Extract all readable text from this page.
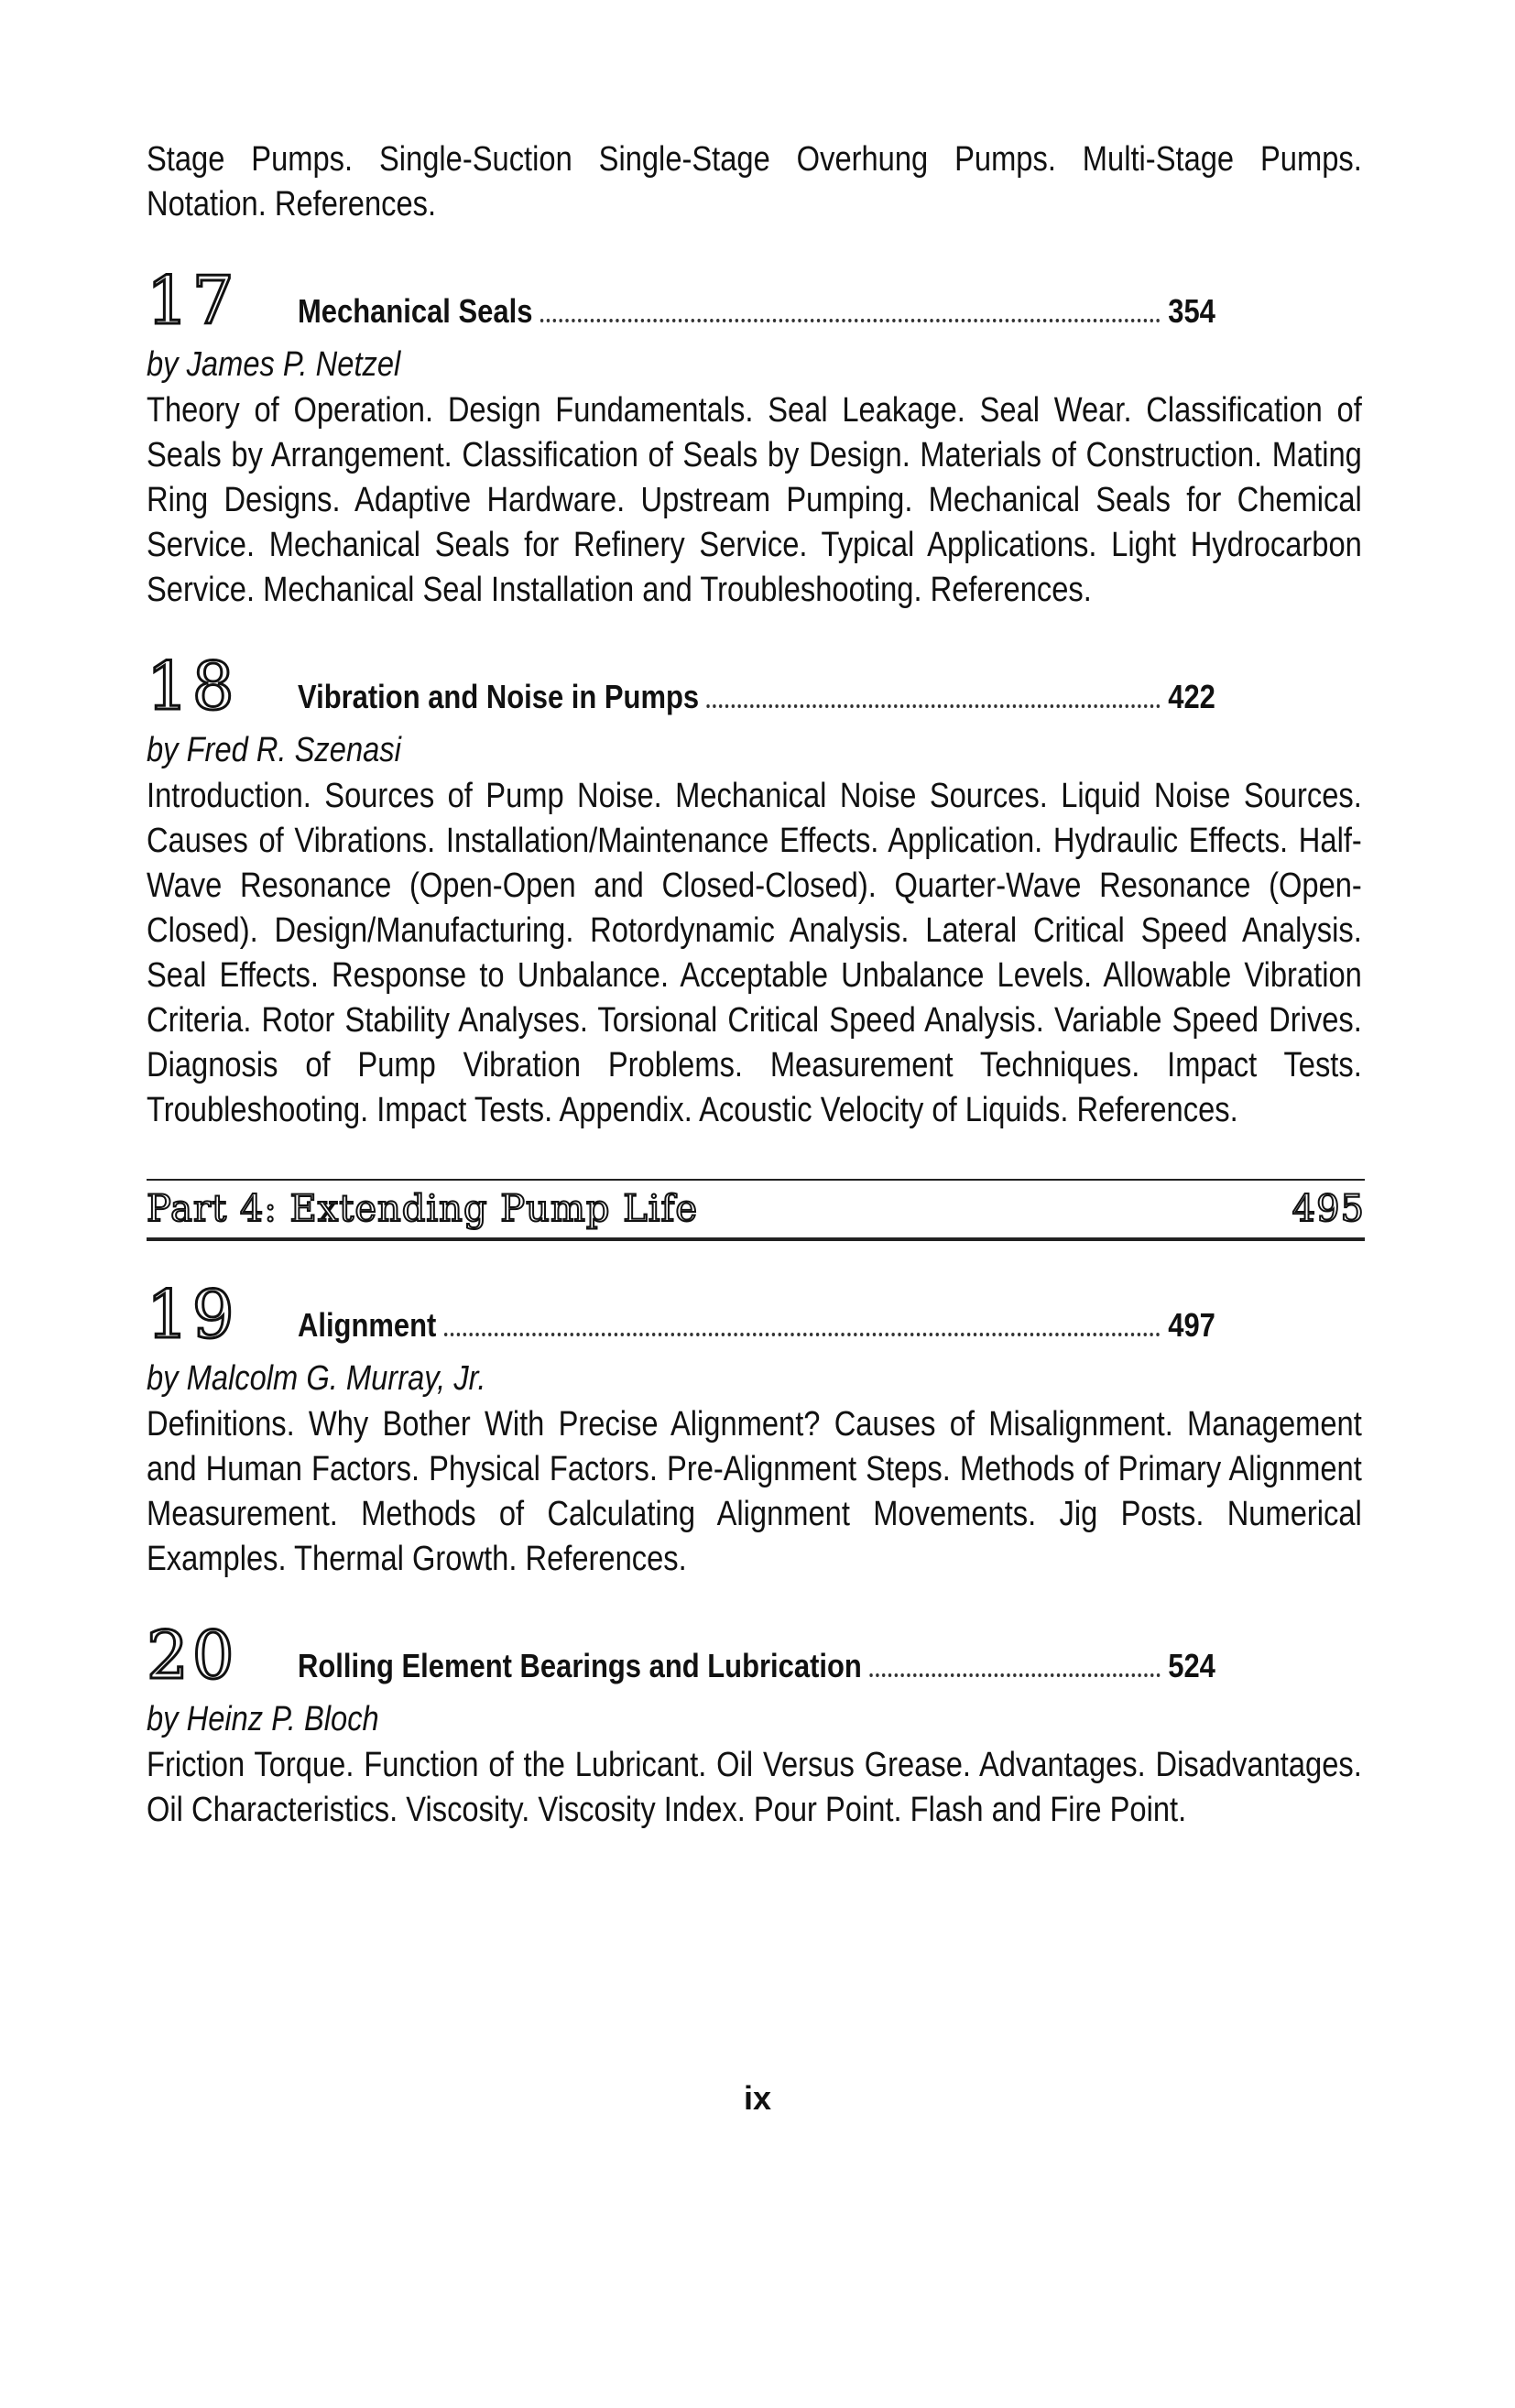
Stage Pumps. Single-Suction Single-Stage Overhung Pumps. Multi-Stage Pumps. Notation. References.

17	Mechanical Seals	354
by James P. Netzel

Theory of Operation. Design Fundamentals. Seal Leakage. Seal Wear. Classification of Seals by Arrangement. Classification of Seals by Design. Materials of Construction. Mating Ring Designs. Adaptive Hardware. Upstream Pumping. Mechanical Seals for Chemical Service. Mechanical Seals for Refinery Service. Typical Applications. Light Hydrocarbon Service. Mechanical Seal Installation and Troubleshooting. References.

18	Vibration and Noise in Pumps	422
by Fred R. Szenasi

Introduction. Sources of Pump Noise. Mechanical Noise Sources. Liquid Noise Sources. Causes of Vibrations. Installation/Maintenance Effects. Application. Hydraulic Effects. Half-Wave Resonance (Open-Open and Closed-Closed). Quarter-Wave Resonance (Open-Closed). Design/Manufacturing. Rotordynamic Analysis. Lateral Critical Speed Analysis. Seal Effects. Response to Unbalance. Acceptable Unbalance Levels. Allowable Vibration Criteria. Rotor Stability Analyses. Torsional Critical Speed Analysis. Variable Speed Drives. Diagnosis of Pump Vibration Problems. Measurement Techniques. Impact Tests. Troubleshooting. Impact Tests. Appendix. Acoustic Velocity of Liquids. References.

Part 4: Extending Pump Life	495
19	Alignment	497
by Malcolm G. Murray, Jr.

Definitions. Why Bother With Precise Alignment? Causes of Misalignment. Management and Human Factors. Physical Factors. Pre-Alignment Steps. Methods of Primary Alignment Measurement. Methods of Calculating Alignment Movements. Jig Posts. Numerical Examples. Thermal Growth. References.

20	Rolling Element Bearings and Lubrication	524
by Heinz P. Bloch

Friction Torque. Function of the Lubricant. Oil Versus Grease. Advantages. Disadvantages. Oil Characteristics. Viscosity. Viscosity Index. Pour Point. Flash and Fire Point.

ix
